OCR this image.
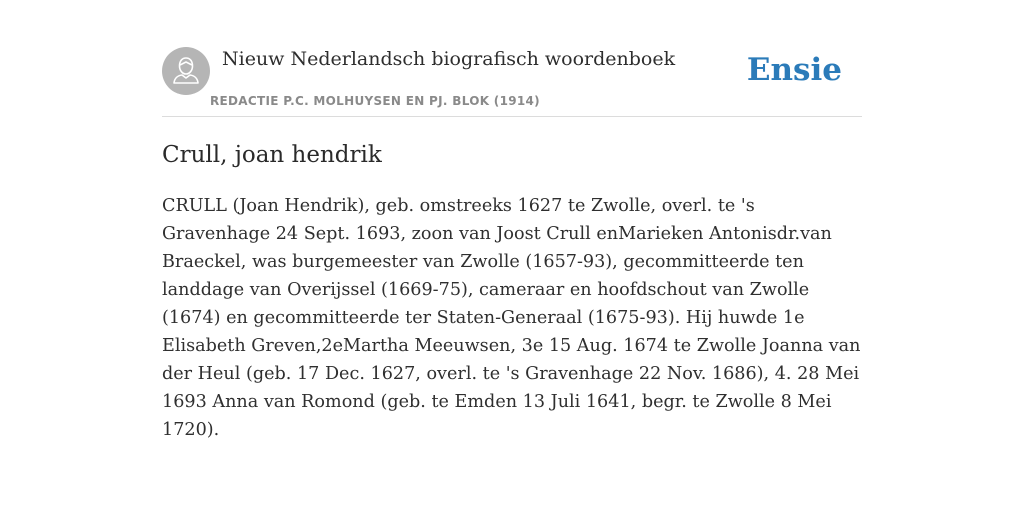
Nieuw Nederlandsch biografisch woordenboek
REDACTIE P.C. MOLHUYSEN EN PJ. BLOK (1914)
Ensie
Crull, joan hendrik

CRULL (Joan Hendrik), geb. omstreeks 1627 te Zwolle, overl. te 's Gravenhage 24 Sept. 1693, zoon van Joost Crull enMarieken Antonisdr.van Braeckel, was burgemeester van Zwolle (1657-93), gecommitteerde ten landdage van Overijssel (1669-75), cameraar en hoofdschout van Zwolle (1674) en gecommitteerde ter Staten-Generaal (1675-93). Hij huwde 1e Elisabeth Greven,2eMartha Meeuwsen, 3e 15 Aug. 1674 te Zwolle Joanna van der Heul (geb. 17 Dec. 1627, overl. te 's Gravenhage 22 Nov. 1686), 4. 28 Mei 1693 Anna van Romond (geb. te Emden 13 Juli 1641, begr. te Zwolle 8 Mei 1720).
